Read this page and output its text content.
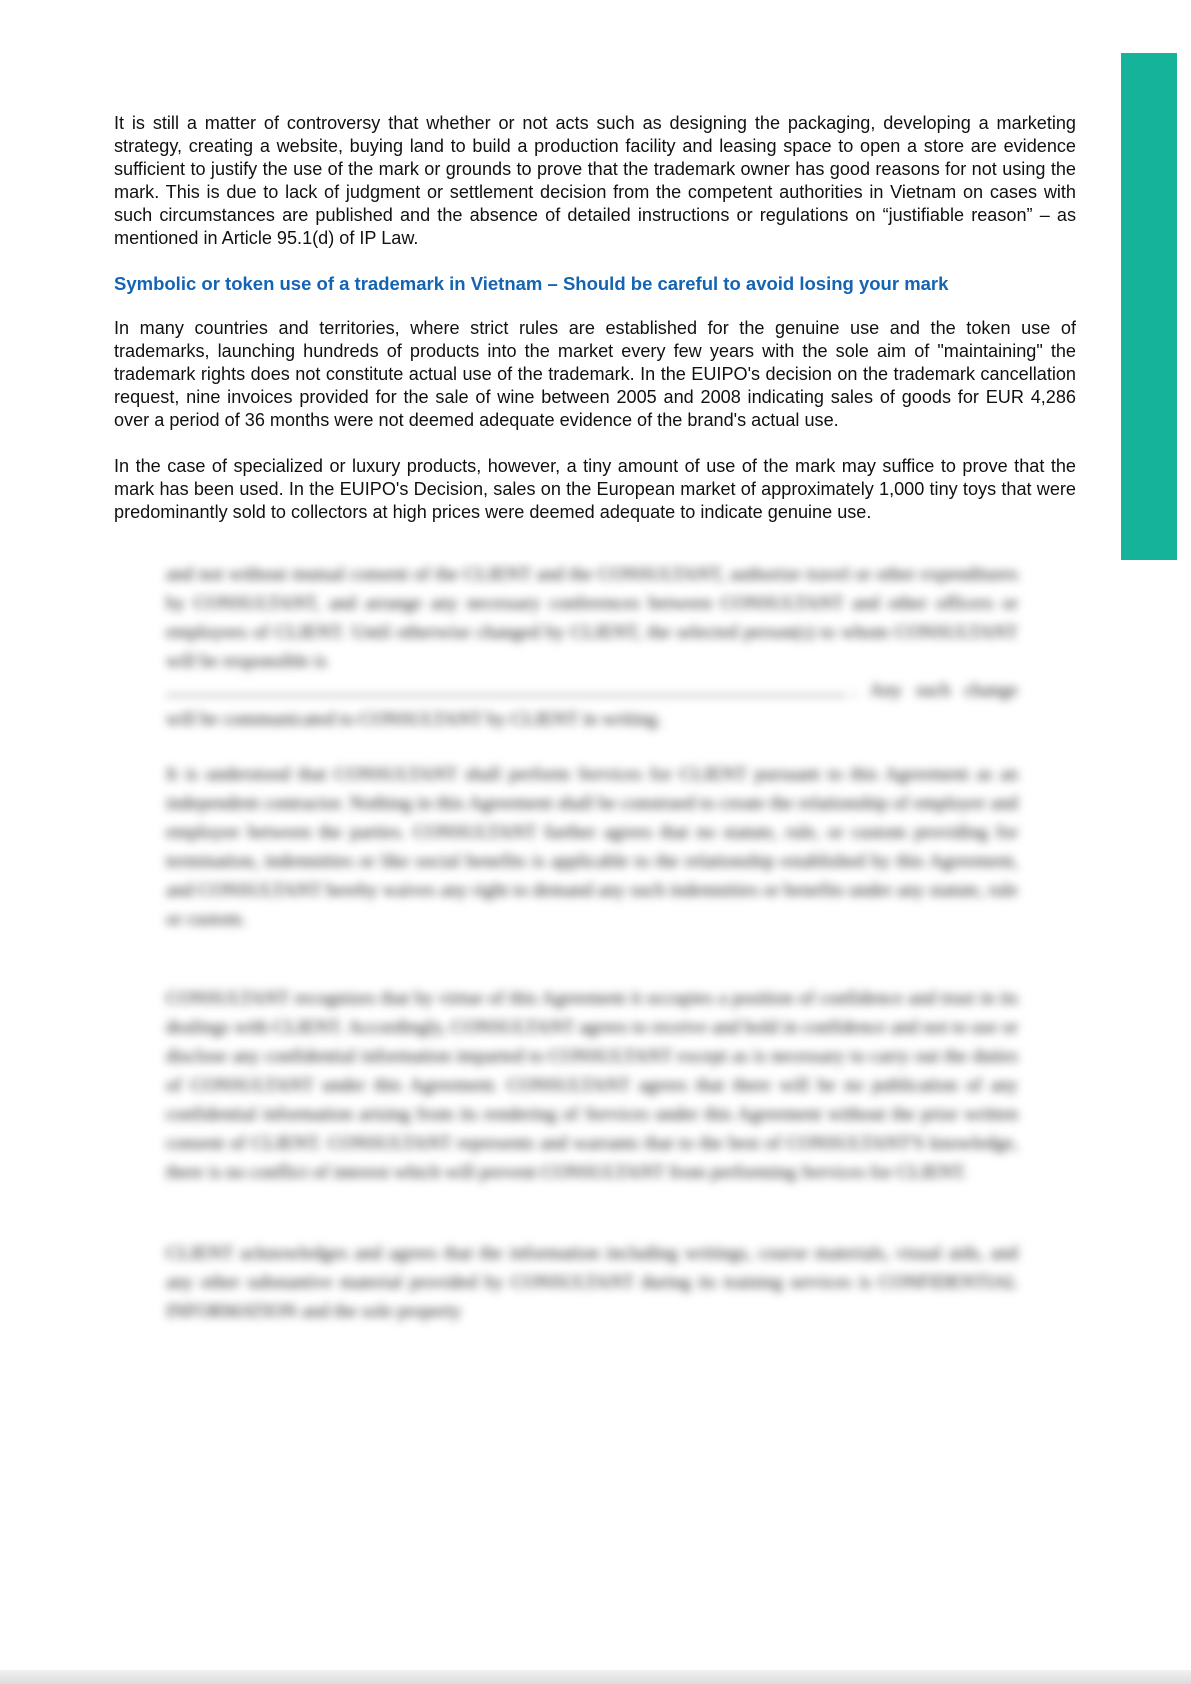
It is still a matter of controversy that whether or not acts such as designing the packaging, developing a marketing strategy, creating a website, buying land to build a production facility and leasing space to open a store are evidence sufficient to justify the use of the mark or grounds to prove that the trademark owner has good reasons for not using the mark. This is due to lack of judgment or settlement decision from the competent authorities in Vietnam on cases with such circumstances are published and the absence of detailed instructions or regulations on “justifiable reason” – as mentioned in Article 95.1(d) of IP Law.

Symbolic or token use of a trademark in Vietnam – Should be careful to avoid losing your mark

In many countries and territories, where strict rules are established for the genuine use and the token use of trademarks, launching hundreds of products into the market every few years with the sole aim of "maintaining" the trademark rights does not constitute actual use of the trademark. In the EUIPO's decision on the trademark cancellation request, nine invoices provided for the sale of wine between 2005 and 2008 indicating sales of goods for EUR 4,286 over a period of 36 months were not deemed adequate evidence of the brand's actual use.

In the case of specialized or luxury products, however, a tiny amount of use of the mark may suffice to prove that the mark has been used. In the EUIPO's Decision, sales on the European market of approximately 1,000 tiny toys that were predominantly sold to collectors at high prices were deemed adequate to indicate genuine use.

and not without mutual consent of the CLIENT and the CONSULTANT, authorize travel or other expenditures by CONSULTANT, and arrange any necessary conferences between CONSULTANT and other officers or employees of CLIENT. Until otherwise changed by CLIENT, the selected person(s) to whom CONSULTANT will be responsible is
. Any such change will be communicated to CONSULTANT by CLIENT in writing.

It is understood that CONSULTANT shall perform Services for CLIENT pursuant to this Agreement as an independent contractor. Nothing in this Agreement shall be construed to create the relationship of employer and employee between the parties. CONSULTANT further agrees that no statute, rule, or custom providing for termination, indemnities or like social benefits is applicable to the relationship established by this Agreement, and CONSULTANT hereby waives any right to demand any such indemnities or benefits under any statute, rule or custom.

CONSULTANT recognizes that by virtue of this Agreement it occupies a position of confidence and trust in its dealings with CLIENT. Accordingly, CONSULTANT agrees to receive and hold in confidence and not to use or disclose any confidential information imparted to CONSULTANT except as is necessary to carry out the duties of CONSULTANT under this Agreement. CONSULTANT agrees that there will be no publication of any confidential information arising from its rendering of Services under this Agreement without the prior written consent of CLIENT. CONSULTANT represents and warrants that to the best of CONSULTANT'S knowledge, there is no conflict of interest which will prevent CONSULTANT from performing Services for CLIENT.

CLIENT acknowledges and agrees that the information including writings, course materials, visual aids, and any other substantive material provided by CONSULTANT during its training services is CONFIDENTIAL INFORMATION and the sole property
